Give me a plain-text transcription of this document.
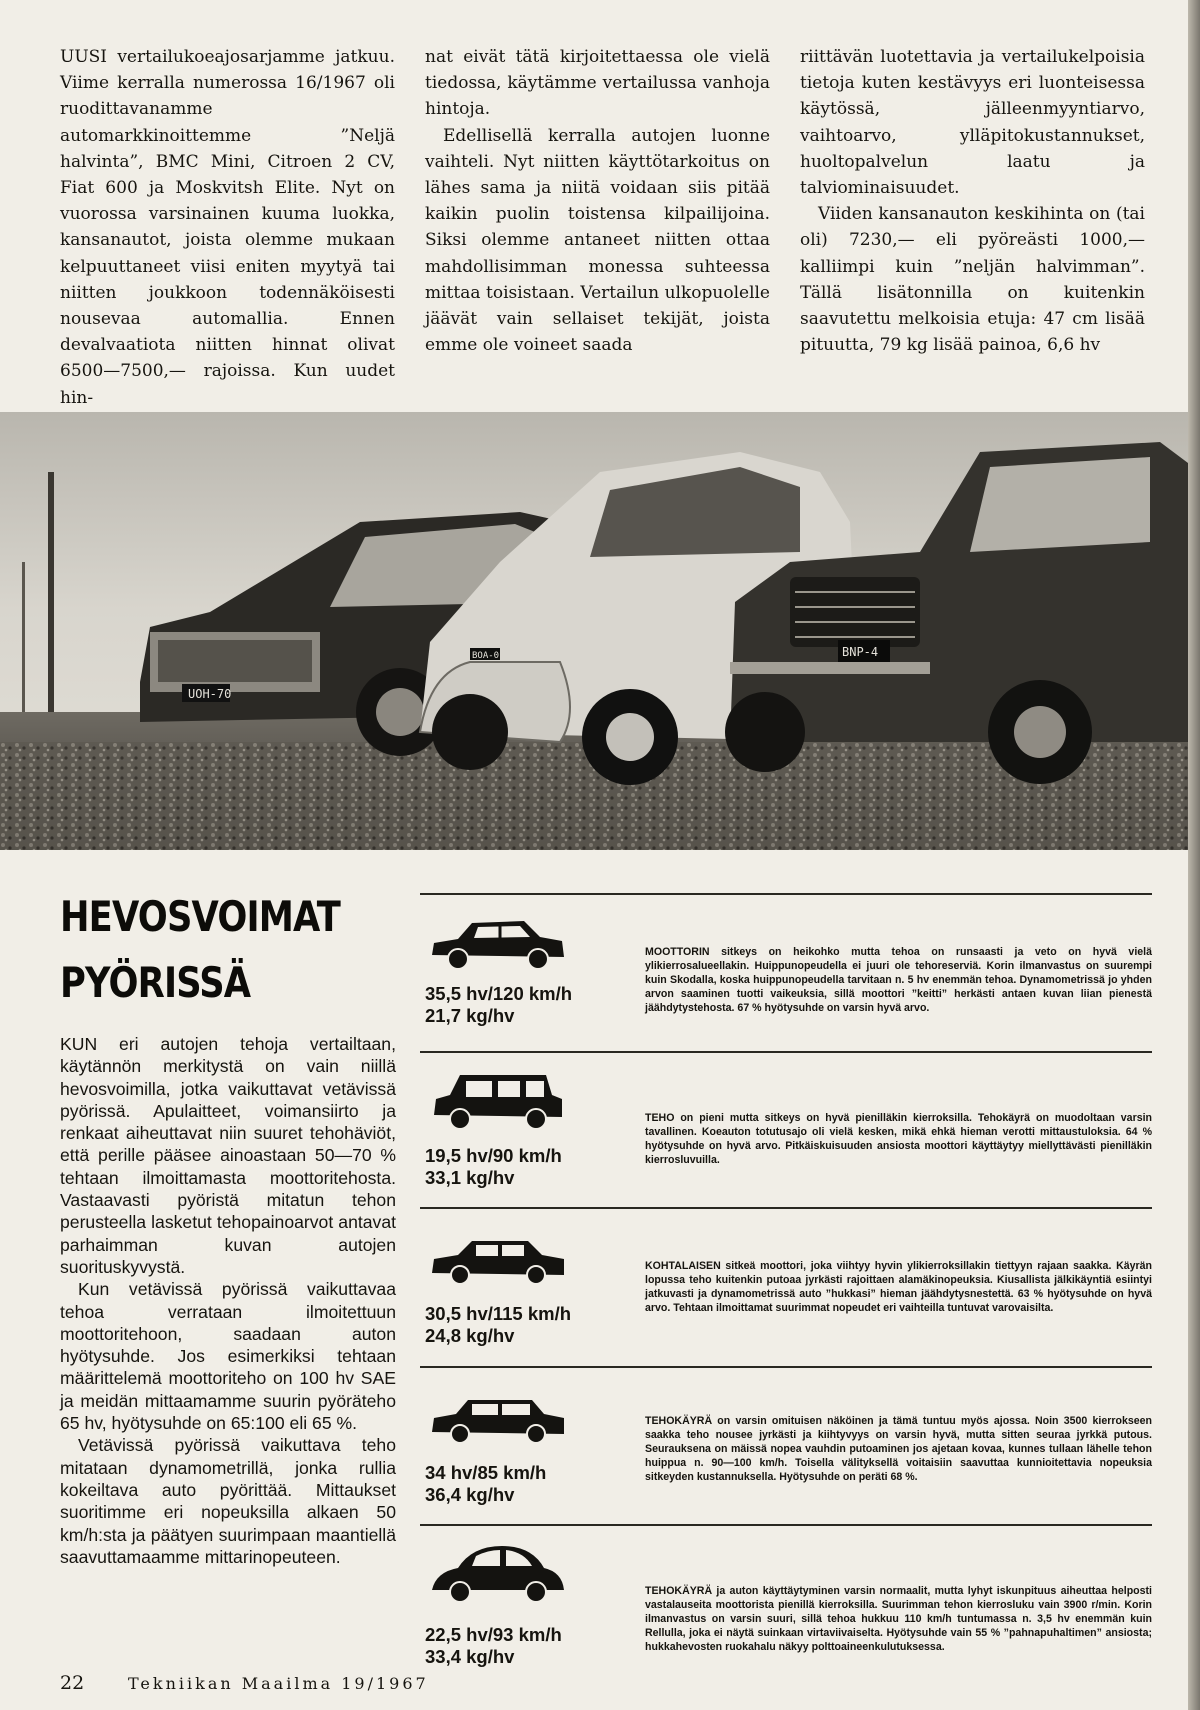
UUSI vertailukoeajosarjamme jatkuu. Viime kerralla numerossa 16/1967 oli ruodittavanamme automarkkinoittemme ”Neljä halvinta”, BMC Mini, Citroen 2 CV, Fiat 600 ja Moskvitsh Elite. Nyt on vuorossa varsinainen kuuma luokka, kansanautot, joista olemme mukaan kelpuuttaneet viisi eniten myytyä tai niitten joukkoon todennäköisesti nousevaa automallia. Ennen devalvaatiota niitten hinnat olivat 6500—7500,— rajoissa. Kun uudet hin-

nat eivät tätä kirjoitettaessa ole vielä tiedossa, käytämme vertailussa vanhoja hintoja.

Edellisellä kerralla autojen luonne vaihteli. Nyt niitten käyttötarkoitus on lähes sama ja niitä voidaan siis pitää kaikin puolin toistensa kilpailijoina. Siksi olemme antaneet niitten ottaa mahdollisimman monessa suhteessa mittaa toisistaan. Vertailun ulkopuolelle jäävät vain sellaiset tekijät, joista emme ole voineet saada

riittävän luotettavia ja vertailukelpoisia tietoja kuten kestävyys eri luonteisessa käytössä, jälleenmyyntiarvo, vaihtoarvo, ylläpitokustannukset, huoltopalvelun laatu ja talviominaisuudet.

Viiden kansanauton keskihinta on (tai oli) 7230,— eli pyöreästi 1000,— kalliimpi kuin ”neljän halvimman”. Tällä lisätonnilla on kuitenkin saavutettu melkoisia etuja: 47 cm lisää pituutta, 79 kg lisää painoa, 6,6 hv

UOH-70
BOA-0	BNP-4
HEVOSVOIMAT
PYÖRISSÄ

KUN eri autojen tehoja vertailtaan, käytännön merkitystä on vain niillä hevosvoimilla, jotka vaikuttavat vetävissä pyörissä. Apulaitteet, voimansiirto ja renkaat aiheuttavat niin suuret tehohäviöt, että perille pääsee ainoastaan 50—70 % tehtaan ilmoittamasta moottoritehosta. Vastaavasti pyöristä mitatun tehon perusteella lasketut tehopainoarvot antavat parhaimman kuvan autojen suorituskyvystä.

Kun vetävissä pyörissä vaikuttavaa tehoa verrataan ilmoitettuun moottoritehoon, saadaan auton hyötysuhde. Jos esimerkiksi tehtaan määrittelemä moottoriteho on 100 hv SAE ja meidän mittaamamme suurin pyöräteho 65 hv, hyötysuhde on 65:100 eli 65 %.

Vetävissä pyörissä vaikuttava teho mitataan dynamometrillä, jonka rullia kokeiltava auto pyörittää. Mittaukset suoritimme eri nopeuksilla alkaen 50 km/h:sta ja päätyen suurimpaan maantiellä saavuttamaamme mittarinopeuteen.

35,5 hv/120 km/h
21,7 kg/hv
MOOTTORIN sitkeys on heikohko mutta tehoa on runsaasti ja veto on hyvä vielä ylikierrosalueellakin. Huippunopeudella ei juuri ole tehoreserviä. Korin ilmanvastus on suurempi kuin Skodalla, koska huippunopeudella tarvitaan n. 5 hv enemmän tehoa. Dynamometrissä jo yhden arvon saaminen tuotti vaikeuksia, sillä moottori ”keitti” herkästi antaen kuvan liian pienestä jäähdytystehosta. 67 % hyötysuhde on varsin hyvä arvo.
19,5 hv/90 km/h
33,1 kg/hv
TEHO on pieni mutta sitkeys on hyvä pienilläkin kierroksilla. Tehokäyrä on muodoltaan varsin tavallinen. Koeauton totutusajo oli vielä kesken, mikä ehkä hieman verotti mittaustuloksia. 64 % hyötysuhde on hyvä arvo. Pitkäiskuisuuden ansiosta moottori käyttäytyy miellyttävästi pienilläkin kierrosluvuilla.
30,5 hv/115 km/h
24,8 kg/hv
KOHTALAISEN sitkeä moottori, joka viihtyy hyvin ylikierroksillakin tiettyyn rajaan saakka. Käyrän lopussa teho kuitenkin putoaa jyrkästi rajoittaen alamäkinopeuksia. Kiusallista jälkikäyntiä esiintyi jatkuvasti ja dynamometrissä auto ”hukkasi” hieman jäähdytysnestettä. 63 % hyötysuhde on hyvä arvo. Tehtaan ilmoittamat suurimmat nopeudet eri vaihteilla tuntuvat varovaisilta.
34 hv/85 km/h
36,4 kg/hv
TEHOKÄYRÄ on varsin omituisen näköinen ja tämä tuntuu myös ajossa. Noin 3500 kierrokseen saakka teho nousee jyrkästi ja kiihtyvyys on varsin hyvä, mutta sitten seuraa jyrkkä putous. Seurauksena on mäissä nopea vauhdin putoaminen jos ajetaan kovaa, kunnes tullaan lähelle tehon huippua n. 90—100 km/h. Toisella välityksellä voitaisiin saavuttaa kunnioitettavia nopeuksia sitkeyden kustannuksella. Hyötysuhde on peräti 68 %.
22,5 hv/93 km/h
33,4 kg/hv
TEHOKÄYRÄ ja auton käyttäytyminen varsin normaalit, mutta lyhyt iskunpituus aiheuttaa helposti vastalauseita moottorista pienillä kierroksilla. Suurimman tehon kierrosluku vain 3900 r/min. Korin ilmanvastus on varsin suuri, sillä tehoa hukkuu 110 km/h tuntumassa n. 3,5 hv enemmän kuin Rellulla, joka ei näytä suinkaan virtaviivaiselta. Hyötysuhde vain 55 % ”pahnapuhaltimen” ansiosta; hukkahevosten ruokahalu näkyy polttoaineenkulutuksessa.
22	Tekniikan Maailma 19/1967
